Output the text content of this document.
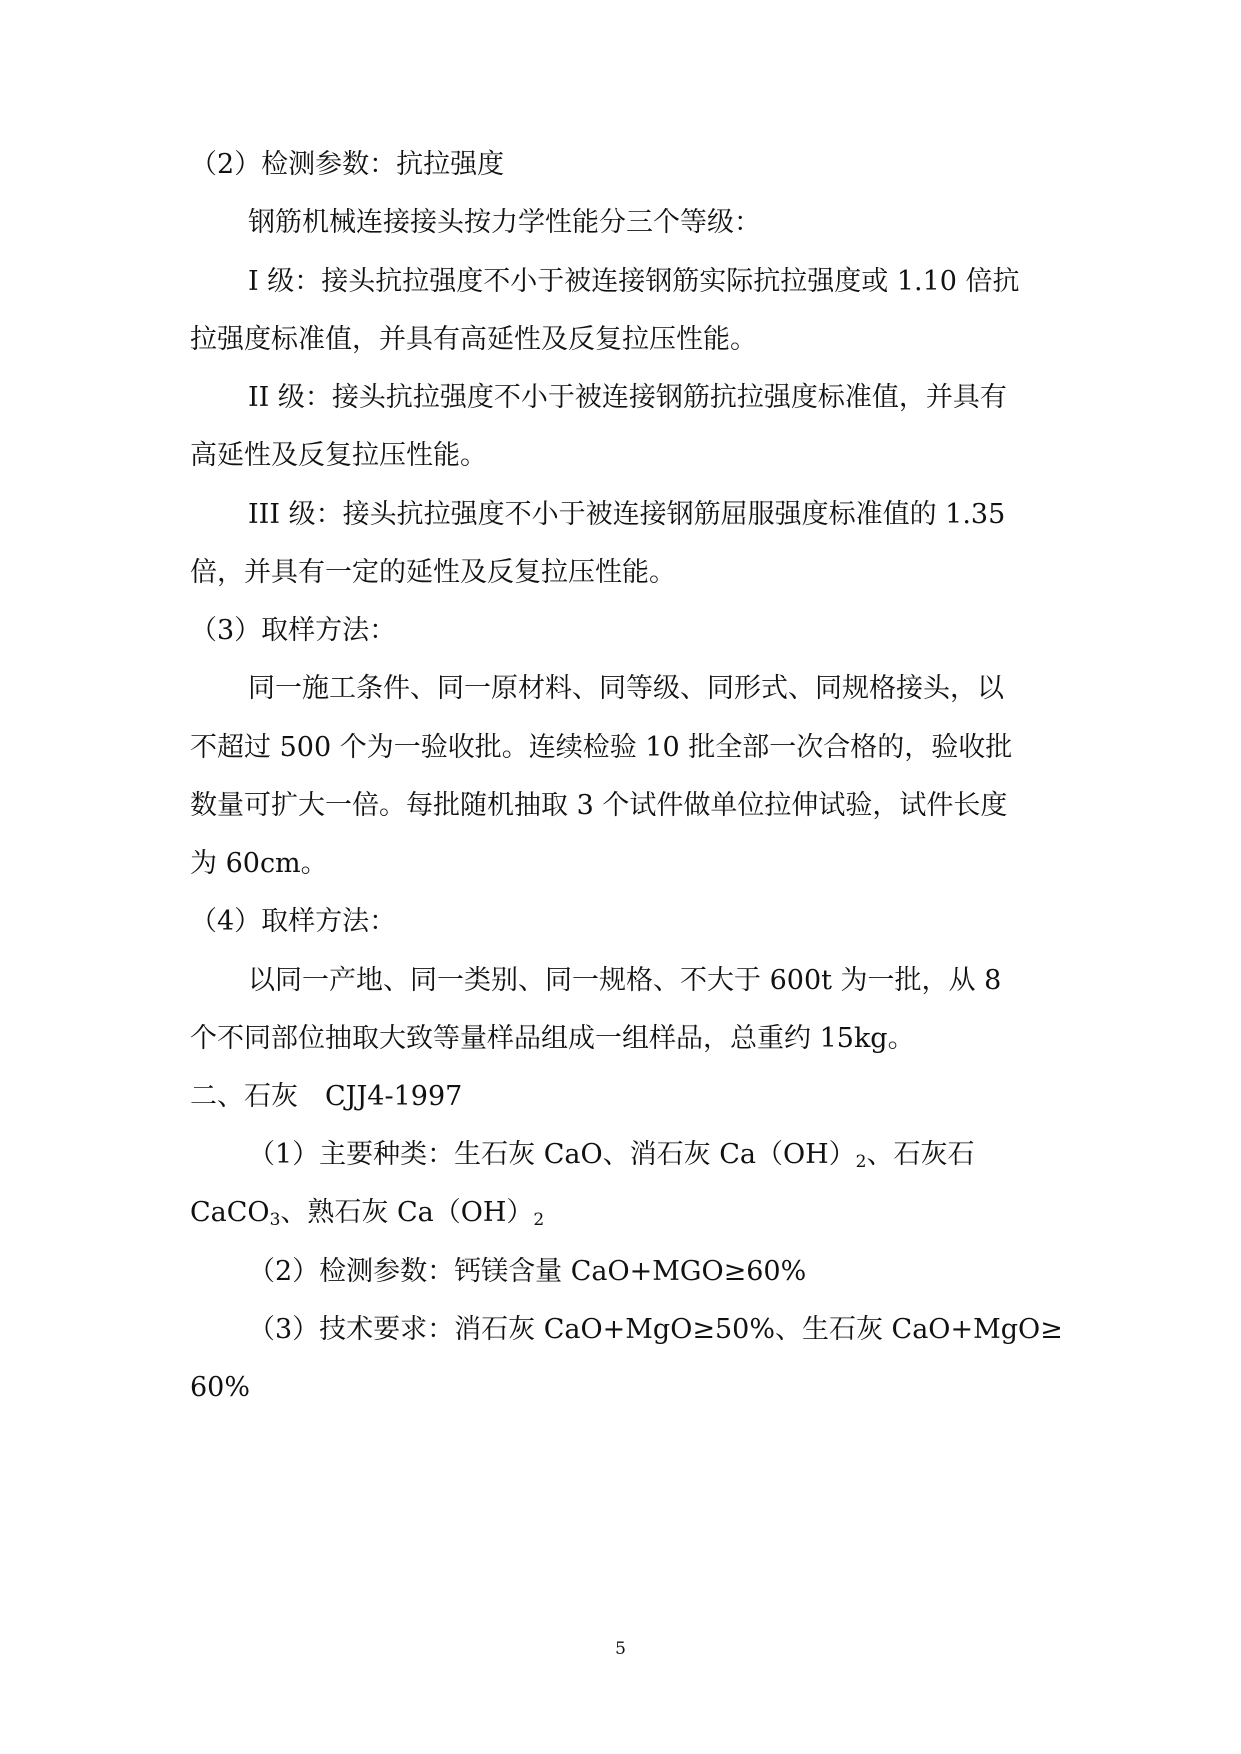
（2）检测参数：抗拉强度
钢筋机械连接接头按力学性能分三个等级：
I 级：接头抗拉强度不小于被连接钢筋实际抗拉强度或 1.10 倍抗
拉强度标准值，并具有高延性及反复拉压性能。
II 级：接头抗拉强度不小于被连接钢筋抗拉强度标准值，并具有
高延性及反复拉压性能。
III 级：接头抗拉强度不小于被连接钢筋屈服强度标准值的 1.35
倍，并具有一定的延性及反复拉压性能。
（3）取样方法：
同一施工条件、同一原材料、同等级、同形式、同规格接头，以
不超过 500 个为一验收批。连续检验 10 批全部一次合格的，验收批
数量可扩大一倍。每批随机抽取 3 个试件做单位拉伸试验，试件长度
为 60cm。
（4）取样方法：
以同一产地、同一类别、同一规格、不大于 600t 为一批，从 8
个不同部位抽取大致等量样品组成一组样品，总重约 15kg。
二、石灰　CJJ4-1997
（1）主要种类：生石灰 CaO、消石灰 $Ca(OH)_2$、石灰石
CaCO$_3$、熟石灰 $Ca(OH)_2$
（2）检测参数：钙镁含量 CaO+MGO≥60%
（3）技术要求：消石灰 CaO+MgO≥50%、生石灰 CaO+MgO≥
60%
5
